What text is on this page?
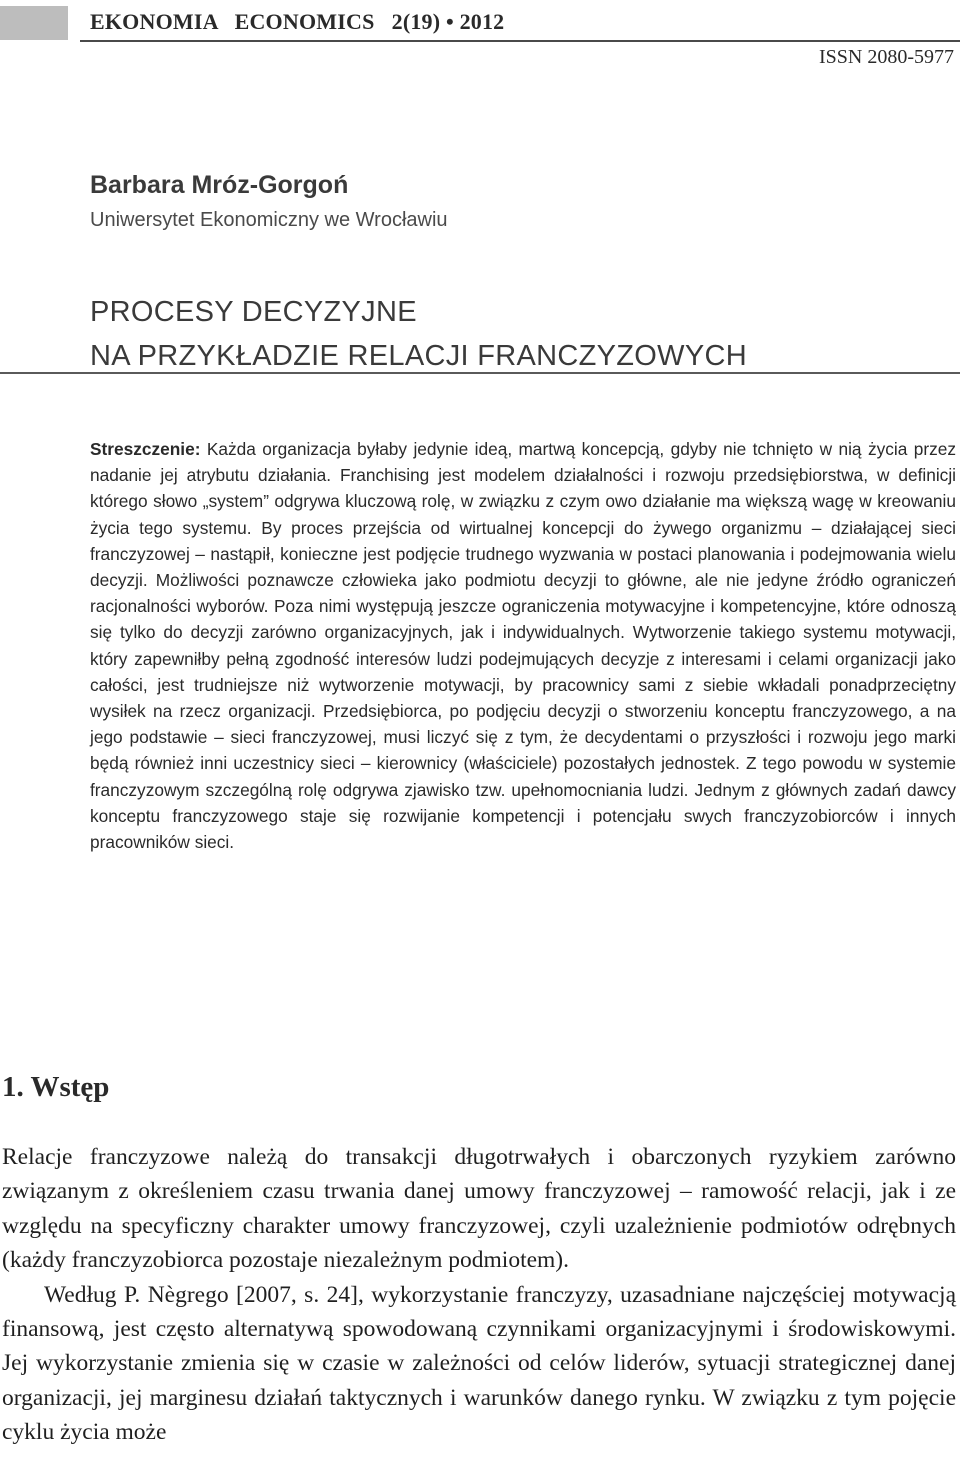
EKONOMIA   ECONOMICS   2(19) • 2012
ISSN 2080-5977
Barbara Mróz-Gorgoń
Uniwersytet Ekonomiczny we Wrocławiu
PROCESY DECYZYJNE
NA PRZYKŁADZIE RELACJI FRANCZYZOWYCH
Streszczenie: Każda organizacja byłaby jedynie ideą, martwą koncepcją, gdyby nie tchnięto w nią życia przez nadanie jej atrybutu działania. Franchising jest modelem działalności i rozwoju przedsiębiorstwa, w definicji którego słowo „system” odgrywa kluczową rolę, w związku z czym owo działanie ma większą wagę w kreowaniu życia tego systemu. By proces przejścia od wirtualnej koncepcji do żywego organizmu – działającej sieci franczyzowej – nastąpił, konieczne jest podjęcie trudnego wyzwania w postaci planowania i podejmowania wielu decyzji. Możliwości poznawcze człowieka jako podmiotu decyzji to główne, ale nie jedyne źródło ograniczeń racjonalności wyborów. Poza nimi występują jeszcze ograniczenia motywacyjne i kompetencyjne, które odnoszą się tylko do decyzji zarówno organizacyjnych, jak i indywidualnych. Wytworzenie takiego systemu motywacji, który zapewniłby pełną zgodność interesów ludzi podejmujących decyzje z interesami i celami organizacji jako całości, jest trudniejsze niż wytworzenie motywacji, by pracownicy sami z siebie wkładali ponadprzeciętny wysiłek na rzecz organizacji. Przedsiębiorca, po podjęciu decyzji o stworzeniu konceptu franczyzowego, a na jego podstawie – sieci franczyzowej, musi liczyć się z tym, że decydentami o przyszłości i rozwoju jego marki będą również inni uczestnicy sieci – kierownicy (właściciele) pozostałych jednostek. Z tego powodu w systemie franczyzowym szczególną rolę odgrywa zjawisko tzw. upełnomocniania ludzi. Jednym z głównych zadań dawcy konceptu franczyzowego staje się rozwijanie kompetencji i potencjału swych franczyzobiorców i innych pracowników sieci.
1. Wstęp

Relacje franczyzowe należą do transakcji długotrwałych i obarczonych ryzykiem zarówno związanym z określeniem czasu trwania danej umowy franczyzowej – ramowość relacji, jak i ze względu na specyficzny charakter umowy franczyzowej, czyli uzależnienie podmiotów odrębnych (każdy franczyzobiorca pozostaje niezależnym podmiotem).

Według P. Nègrego [2007, s. 24], wykorzystanie franczyzy, uzasadniane najczęściej motywacją finansową, jest często alternatywą spowodowaną czynnikami organizacyjnymi i środowiskowymi. Jej wykorzystanie zmienia się w czasie w zależności od celów liderów, sytuacji strategicznej danej organizacji, jej marginesu działań taktycznych i warunków danego rynku. W związku z tym pojęcie cyklu życia może
